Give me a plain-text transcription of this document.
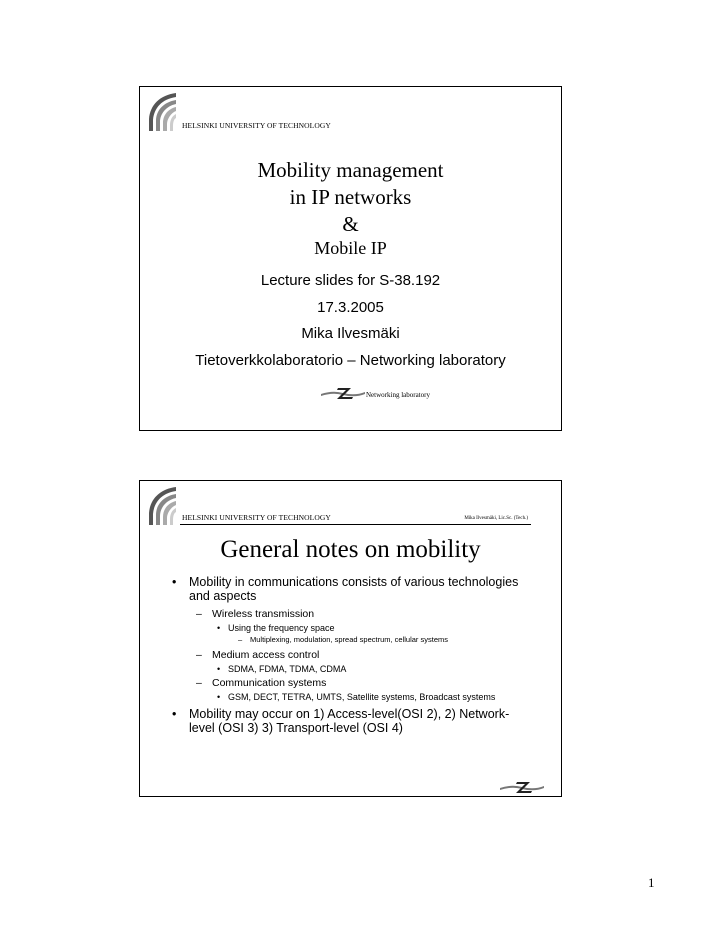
HELSINKI UNIVERSITY OF TECHNOLOGY
Mobility management
in IP networks
&
Mobile IP
Lecture slides for S-38.192
17.3.2005
Mika Ilvesmäki
Tietoverkkolaboratorio – Networking laboratory
Networking laboratory
HELSINKI UNIVERSITY OF TECHNOLOGY	Mika Ilvesmäki, Lic.Sc. (Tech.)
General notes on mobility
• Mobility in communications consists of various technologies and aspects
– Wireless transmission
• Using the frequency space
– Multiplexing, modulation, spread spectrum, cellular systems
– Medium access control
• SDMA, FDMA, TDMA, CDMA
– Communication systems
• GSM, DECT, TETRA, UMTS, Satellite systems, Broadcast systems
• Mobility may occur on 1) Access-level(OSI 2), 2) Network-level (OSI 3) 3) Transport-level (OSI 4)
1
